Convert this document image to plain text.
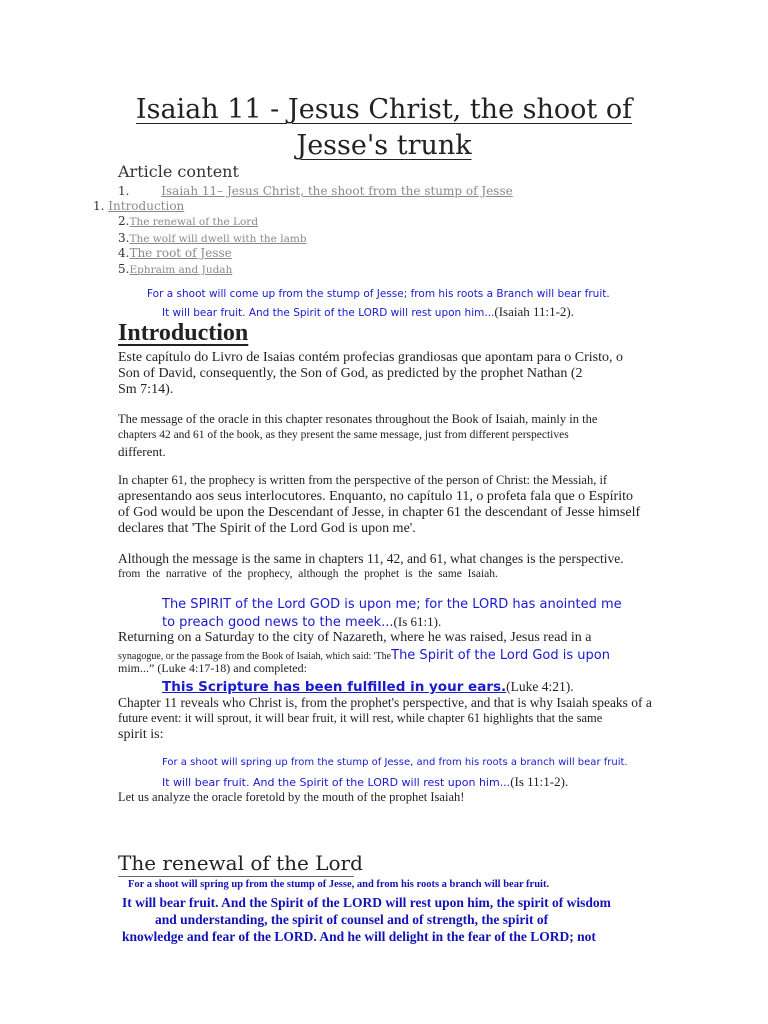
Isaiah 11 - Jesus Christ, the shoot of
Jesse's trunk
Article content
1.	Isaiah 11– Jesus Christ, the shoot from the stump of Jesse
1. Introduction
2.The renewal of the Lord
3.The wolf will dwell with the lamb
4.The root of Jesse
5.Ephraim and Judah
For a shoot will come up from the stump of Jesse; from his roots a Branch will bear fruit.
It will bear fruit. And the Spirit of the LORD will rest upon him...(Isaiah 11:1-2).
Introduction
Este capítulo do Livro de Isaias contém profecias grandiosas que apontam para o Cristo, o
Son of David, consequently, the Son of God, as predicted by the prophet Nathan (2
Sm 7:14).
The message of the oracle in this chapter resonates throughout the Book of Isaiah, mainly in the
chapters 42 and 61 of the book, as they present the same message, just from different perspectives
different.
In chapter 61, the prophecy is written from the perspective of the person of Christ: the Messiah, if
apresentando aos seus interlocutores. Enquanto, no capítulo 11, o profeta fala que o Espírito
of God would be upon the Descendant of Jesse, in chapter 61 the descendant of Jesse himself
declares that 'The Spirit of the Lord God is upon me'.
Although the message is the same in chapters 11, 42, and 61, what changes is the perspective.
from  the  narrative  of  the  prophecy,  although  the  prophet  is  the  same  Isaiah.
The SPIRIT of the Lord GOD is upon me; for the LORD has anointed me
to preach good news to the meek...(Is 61:1).
Returning on a Saturday to the city of Nazareth, where he was raised, Jesus read in a
synagogue, or the passage from the Book of Isaiah, which said: 'TheThe Spirit of the Lord God is upon
mim...” (Luke 4:17-18) and completed:
This Scripture has been fulfilled in your ears.(Luke 4:21).
Chapter 11 reveals who Christ is, from the prophet's perspective, and that is why Isaiah speaks of a
future event: it will sprout, it will bear fruit, it will rest, while chapter 61 highlights that the same
spirit is:
For a shoot will spring up from the stump of Jesse, and from his roots a branch will bear fruit.
It will bear fruit. And the Spirit of the LORD will rest upon him...(Is 11:1-2).
Let us analyze the oracle foretold by the mouth of the prophet Isaiah!
The renewal of the Lord
For a shoot will spring up from the stump of Jesse, and from his roots a branch will bear fruit.
It will bear fruit. And the Spirit of the LORD will rest upon him, the spirit of wisdom
and understanding, the spirit of counsel and of strength, the spirit of
knowledge and fear of the LORD. And he will delight in the fear of the LORD; not
